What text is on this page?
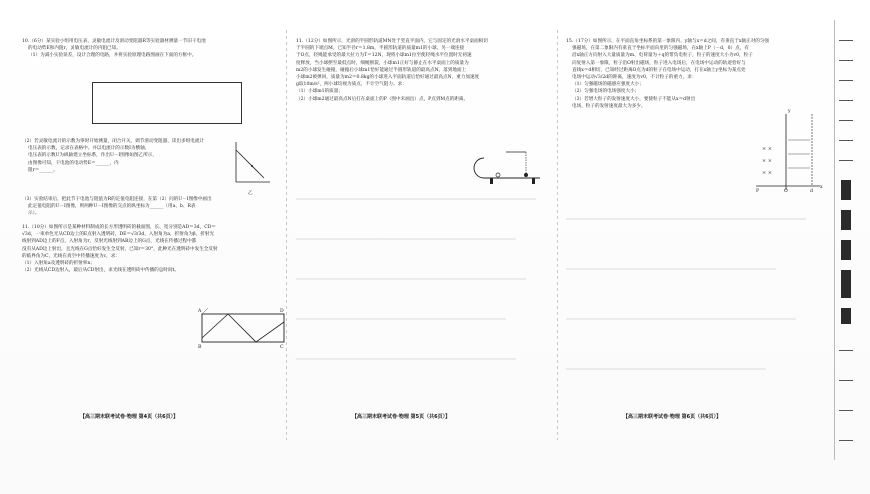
10.（6分）某实验小组用电压表、灵敏电流计及滑动变阻器R等实验器材测量一节旧干电池
的电动势E和内阻r，灵敏电流计的内阻已知。
（1）为减小实验误差，设计合理的电路，并将实验原理电路图画在下面的方框中。
（2）若灵敏电流计的示数为零时开始测量，闭合开关，调节滑动变阻器，读出多组电流计
电压表的示数，记录在表格中。并以电流计的示数I为横轴、
电压表的示数U为纵轴建立坐标系，作出U－I图像如图乙所示，
由图像可知，干电池的电动势E＝______，内
阻r＝______。
乙
（3）实验结束后，把此节干电池与阻值为R的定值电阻连接，在第（2）问的U－I图像中画出
此定值电阻的U－I图像，则两种U－I图像的交点的纵坐标为______（用a、b、R表
示）。
11.（10分）如图所示是某种材料制成的长方形透明砖的截面图，长、宽分别是AD＝3d，CD＝
√3d，一束单色光从CD边上的E点射入透明砖，DE＝√3/3d，入射角为a，折射角为β，折射光
线射到AD边上的F点，入射角为r，反射光线射到AB边上的G点，光线在传播过程中都
没有从AD边上射出，且光线在G点恰好发生全反射。已知r＝30°，此种光在透明砖中发生全反射
的临界角为C，光线在真空中传播速度为c，求：
（1）入射角a及透明砖的折射率n；
（2）光线从CD边射入，最后从CD射出，求光线在透明砖中传播的总时间t。
A
B	C
D
11.（12分）如图所示，光滑的半圆形轨道MN处于竖直平面内，它与固定的光滑水平桌面相切
于半圆的下端点M，已知半径r＝1.8m，半圆形轨道的质量m1的小球，另一端连接
于O点，轻绳能承受的最大拉力为T＝12N，现将小球m1拉至使轻绳水平位置时无初速
度释放，当小球摆至最低点时，细绳断裂，小球m1正好与静止在水平桌面上的质量为
m2的小球发生碰撞，碰撞后小球m1恰好能通过半圆形轨道的最高点N，落到地面上
小球m2被弹回，质量为m2＝0.8kg的小球进入平面轨道后恰好通过最高点N，重力加速度
g取10m/s²，两小球均视为质点，不计空气阻力。求：
（1）小球m1的质量；
（2）小球m2通过最高点N后打在桌面上的P（图中未画出）点，P点到M点的距离。
15.（17分）如图所示，在平面直角坐标系的第一象限内，y轴与x＝d之间，有垂直于x轴正对的匀强
强磁场，在第二象限内有垂直于坐标平面向里的匀强磁场，在x轴上P（－d，0）点，有
沿x轴正方向射入大量质量为m、电荷量为＋q的带负电粒子，粒子的速度大小为v0，粒子
向复射入第一象限，粒子沿O射出磁场，粒子进入电场后，在电场中运动的轨迹恰好与
直线x＝d相切，已知经过距离O点为d的粒子在电场中运动，打在x轴上y坐标为某点处
电场中运动√3/2d的距离，速度为v0，不计粒子的重力，求：
（1）匀强磁场的磁感应强度大小；
（2）匀强电场的电场强度大小；
（3）若增大粒子的发射速度大小，要使粒子不能从x＝d射出
电场，粒子的发射速度最大为多少。
× ×
× ×
× ×
y
x
O
P	d
【高三期末联考试卷·物理 第4页（共6页）】	【高三期末联考试卷·物理 第5页（共6页）】	【高三期末联考试卷·物理 第6页（共6页）】
